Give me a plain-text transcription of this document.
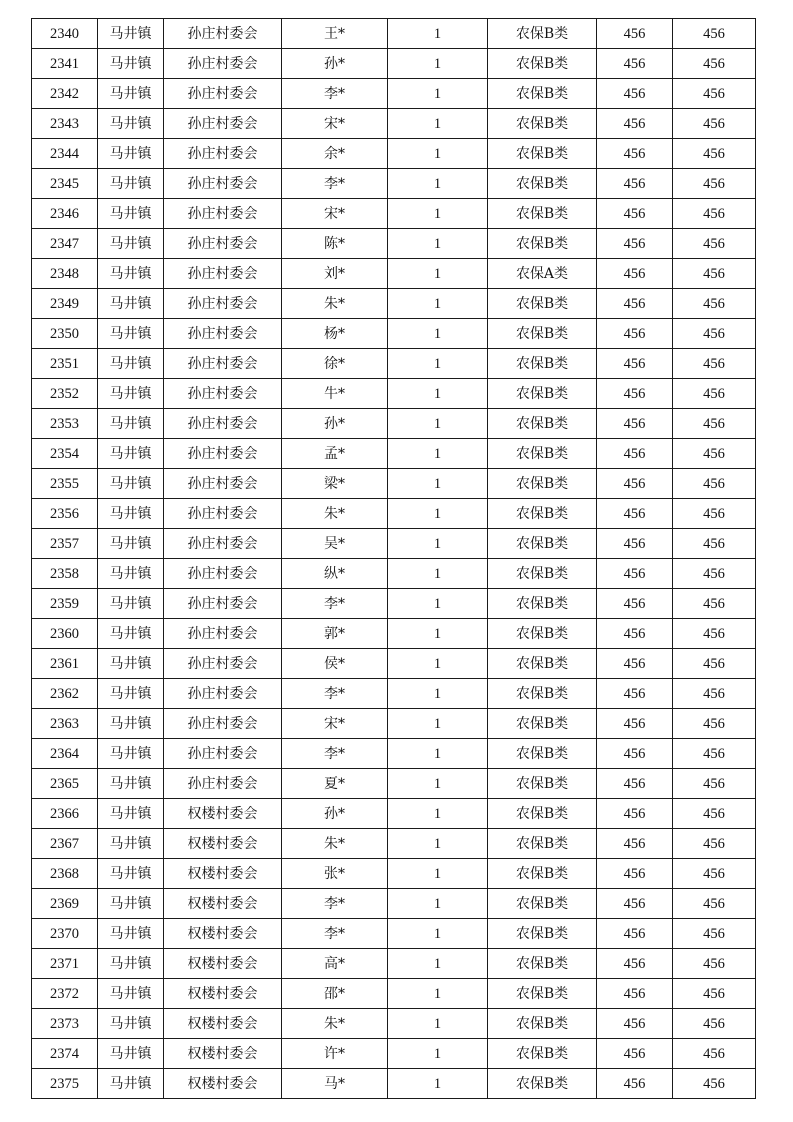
2340	马井镇	孙庄村委会	王*	1	农保B类	456	456
2341	马井镇	孙庄村委会	孙*	1	农保B类	456	456
2342	马井镇	孙庄村委会	李*	1	农保B类	456	456
2343	马井镇	孙庄村委会	宋*	1	农保B类	456	456
2344	马井镇	孙庄村委会	余*	1	农保B类	456	456
2345	马井镇	孙庄村委会	李*	1	农保B类	456	456
2346	马井镇	孙庄村委会	宋*	1	农保B类	456	456
2347	马井镇	孙庄村委会	陈*	1	农保B类	456	456
2348	马井镇	孙庄村委会	刘*	1	农保A类	456	456
2349	马井镇	孙庄村委会	朱*	1	农保B类	456	456
2350	马井镇	孙庄村委会	杨*	1	农保B类	456	456
2351	马井镇	孙庄村委会	徐*	1	农保B类	456	456
2352	马井镇	孙庄村委会	牛*	1	农保B类	456	456
2353	马井镇	孙庄村委会	孙*	1	农保B类	456	456
2354	马井镇	孙庄村委会	孟*	1	农保B类	456	456
2355	马井镇	孙庄村委会	梁*	1	农保B类	456	456
2356	马井镇	孙庄村委会	朱*	1	农保B类	456	456
2357	马井镇	孙庄村委会	吴*	1	农保B类	456	456
2358	马井镇	孙庄村委会	纵*	1	农保B类	456	456
2359	马井镇	孙庄村委会	李*	1	农保B类	456	456
2360	马井镇	孙庄村委会	郭*	1	农保B类	456	456
2361	马井镇	孙庄村委会	侯*	1	农保B类	456	456
2362	马井镇	孙庄村委会	李*	1	农保B类	456	456
2363	马井镇	孙庄村委会	宋*	1	农保B类	456	456
2364	马井镇	孙庄村委会	李*	1	农保B类	456	456
2365	马井镇	孙庄村委会	夏*	1	农保B类	456	456
2366	马井镇	权楼村委会	孙*	1	农保B类	456	456
2367	马井镇	权楼村委会	朱*	1	农保B类	456	456
2368	马井镇	权楼村委会	张*	1	农保B类	456	456
2369	马井镇	权楼村委会	李*	1	农保B类	456	456
2370	马井镇	权楼村委会	李*	1	农保B类	456	456
2371	马井镇	权楼村委会	高*	1	农保B类	456	456
2372	马井镇	权楼村委会	邵*	1	农保B类	456	456
2373	马井镇	权楼村委会	朱*	1	农保B类	456	456
2374	马井镇	权楼村委会	许*	1	农保B类	456	456
2375	马井镇	权楼村委会	马*	1	农保B类	456	456
